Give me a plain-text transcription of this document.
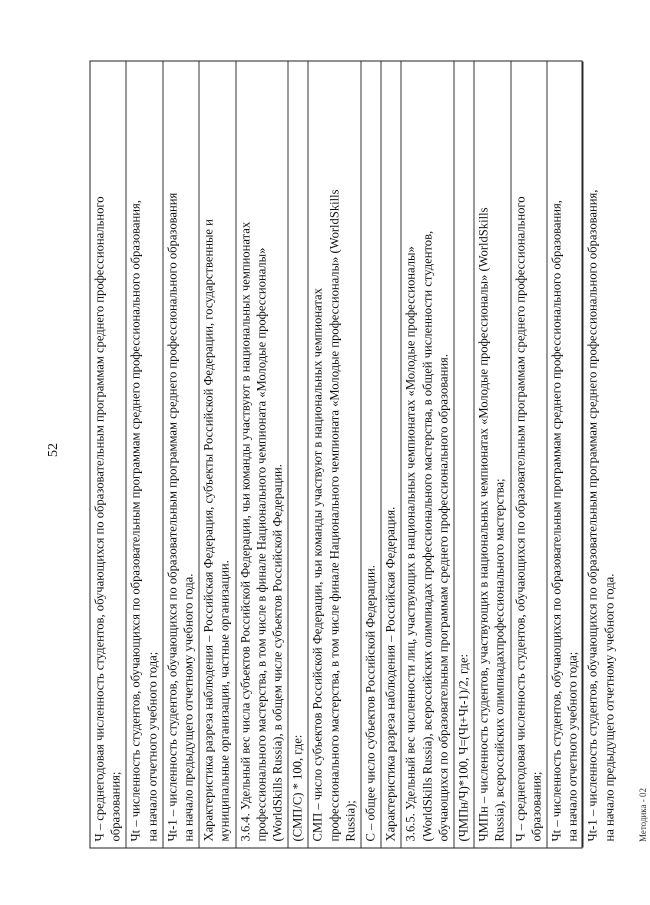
52 Ч – среднегодовая численность студентов, обучающихся по образовательным программам среднего профессионального образования; Чt – численность студентов, обучающихся по образовательным программам среднего профессионального образования, на начало отчетного учебного года; Чt-1 – численность студентов, обучающихся по образовательным программам среднего профессионального образования на начало предыдущего отчетному учебного года. Характеристика разреза наблюдения – Российская Федерация, субъекты Российской Федерации, государственные и муниципальные организации, частные организации. 3.6.4. Удельный вес числа субъектов Российской Федерации, чьи команды участвуют в национальных чемпионатах профессионального мастерства, в том числе в финале Национального чемпионата «Молодые профессионалы» (WorldSkills Russia), в общем числе субъектов Российской Федерации. (СМП/С) * 100, где: СМП – число субъектов Российской Федерации, чьи команды участвуют в национальных чемпионатах профессионального мастерства, в том числе финале Национального чемпионата «Молодые профессионалы» (WorldSkills Russia); С – общее число субъектов Российской Федерации. Характеристика разреза наблюдения – Российская Федерация. 3.6.5. Удельный вес численности лиц, участвующих в национальных чемпионатах «Молодые профессионалы» (WorldSkills Russia), всероссийских олимпиадах профессионального мастерства, в общей численности студентов, обучающихся по образовательным программам среднего профессионального образования. (ЧМПн/Ч)*100, Ч=(Чt+Чt-1)/2, где: ЧМПн – численность студентов, участвующих в национальных чемпионатах «Молодые профессионалы» (WorldSkills Russia), всероссийских олимпиадахпрофессионального мастерства; Ч – среднегодовая численность студентов, обучающихся по образовательным программам среднего профессионального образования; Чt – численность студентов, обучающихся по образовательным программам среднего профессионального образования, на начало отчетного учебного года; Чt-1 – численность студентов, обучающихся по образовательным программам среднего профессионального образования, на начало предыдущего отчетному учебного года. Методика - 02
